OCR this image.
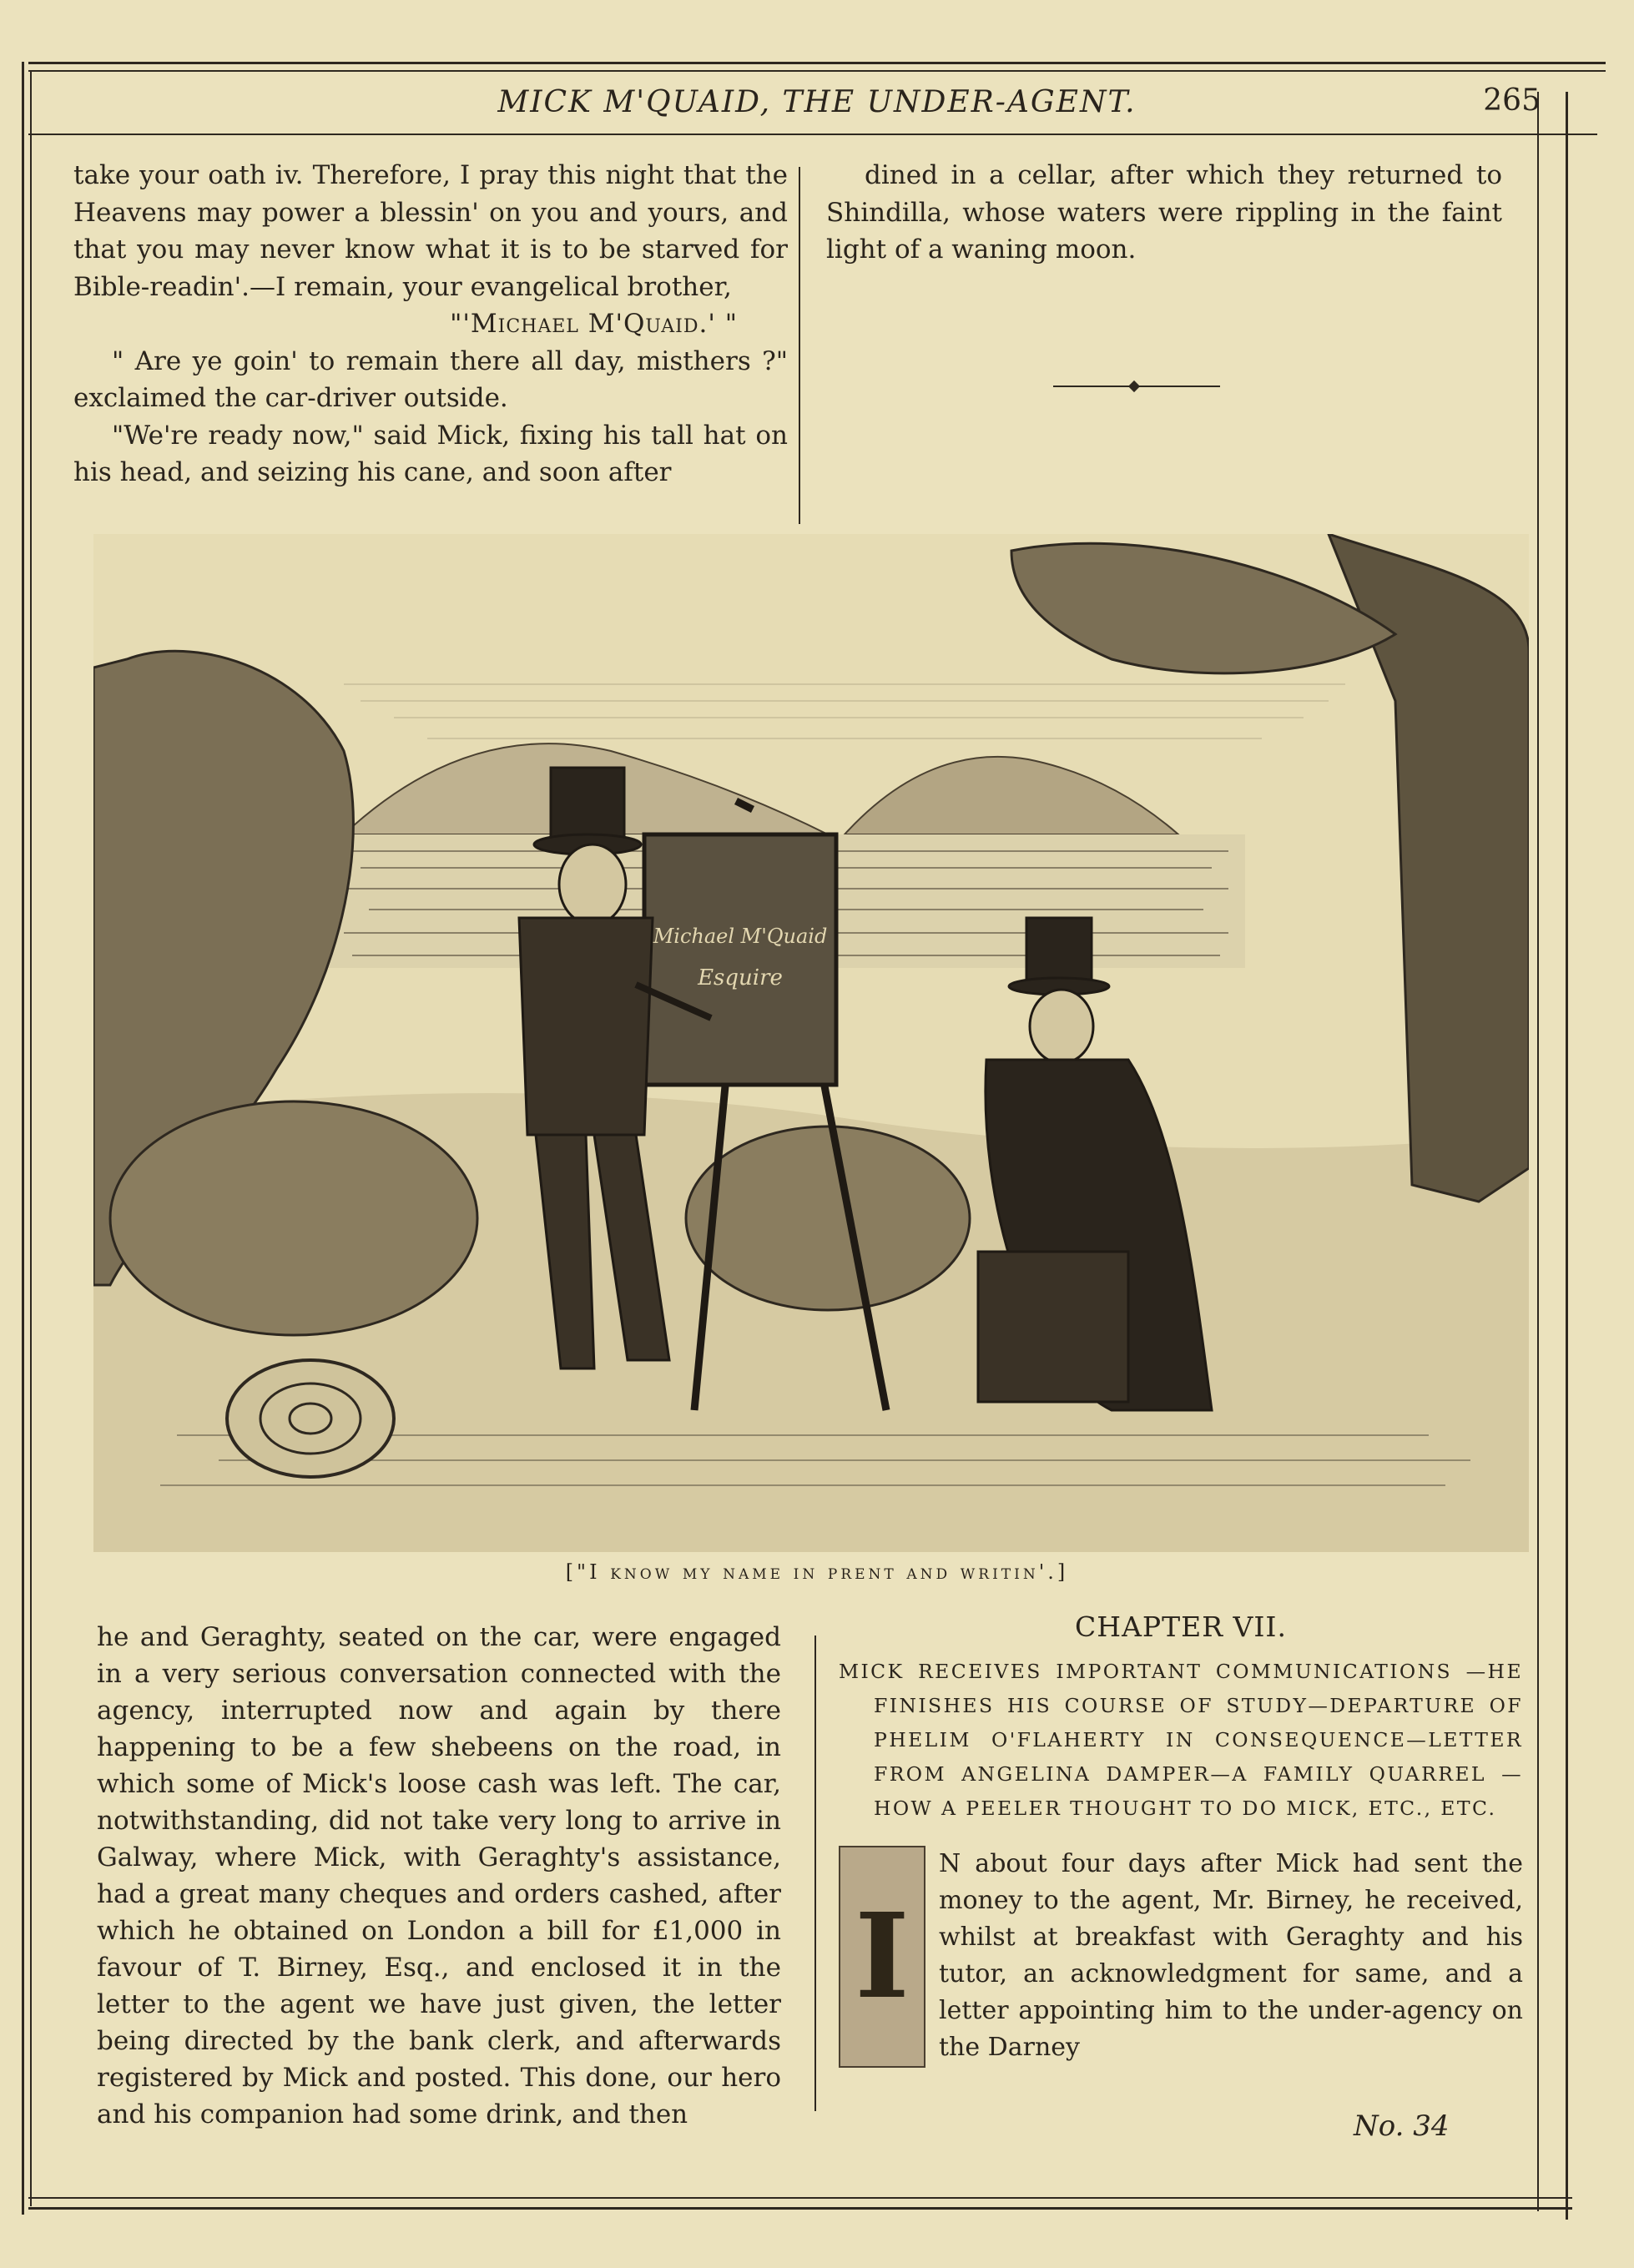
MICK M'QUAID, THE UNDER-AGENT.	265

take your oath iv. Therefore, I pray this night that the Heavens may power a blessin' on you and yours, and that you may never know what it is to be starved for Bible-readin'.—I remain, your evangelical brother,

"'Michael M'Quaid.' "

" Are ye goin' to remain there all day, misthers ?" exclaimed the car-driver outside.

"We're ready now," said Mick, fixing his tall hat on his head, and seizing his cane, and soon after

dined in a cellar, after which they returned to Shindilla, whose waters were rippling in the faint light of a waning moon.

Michael M'Quaid
Esquire
["I know my name in prent and writin'.]

he and Geraghty, seated on the car, were engaged in a very serious conversation connected with the agency, interrupted now and again by there happening to be a few shebeens on the road, in which some of Mick's loose cash was left. The car, notwithstanding, did not take very long to arrive in Galway, where Mick, with Geraghty's assistance, had a great many cheques and orders cashed, after which he obtained on London a bill for £1,000 in favour of T. Birney, Esq., and enclosed it in the letter to the agent we have just given, the letter being directed by the bank clerk, and afterwards registered by Mick and posted. This done, our hero and his companion had some drink, and then

CHAPTER VII.

MICK RECEIVES IMPORTANT COMMUNICATIONS —HE FINISHES HIS COURSE OF STUDY—DEPARTURE OF PHELIM O'FLAHERTY IN CONSEQUENCE—LETTER FROM ANGELINA DAMPER—A FAMILY QUARREL — HOW A PEELER THOUGHT TO DO MICK, ETC., ETC.

I
N about four days after Mick had sent the money to the agent, Mr. Birney, he received, whilst at breakfast with Geraghty and his tutor, an acknowledgment for same, and a letter appointing him to the under-agency on the Darney
No. 34
